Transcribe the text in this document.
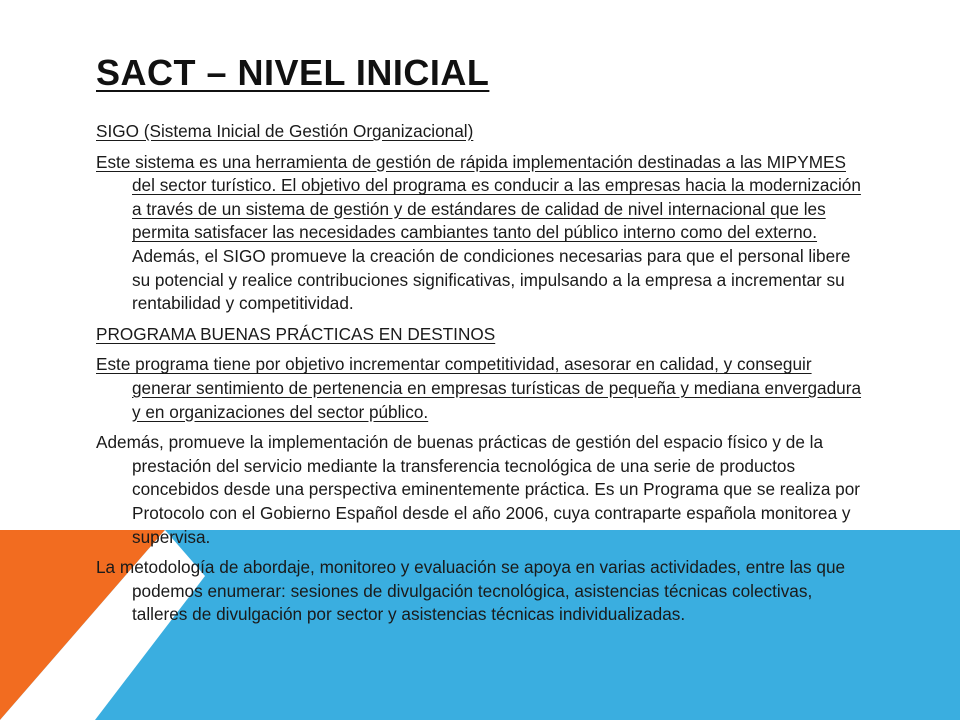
SACT – NIVEL INICIAL

SIGO (Sistema Inicial de Gestión Organizacional)

Este sistema es una herramienta de gestión de rápida implementación destinadas a las MIPYMES del sector turístico. El objetivo del programa es conducir a las empresas hacia la modernización a través de un sistema de gestión y de estándares de calidad de nivel internacional que les permita satisfacer las necesidades cambiantes tanto del público interno como del externo. Además, el SIGO promueve la creación de condiciones necesarias para que el personal libere su potencial y realice contribuciones significativas, impulsando a la empresa a incrementar su rentabilidad y competitividad.

PROGRAMA BUENAS PRÁCTICAS EN DESTINOS

Este programa tiene por objetivo incrementar competitividad, asesorar en calidad, y conseguir generar sentimiento de pertenencia en empresas turísticas de pequeña y mediana envergadura y en organizaciones del sector público.

Además, promueve la implementación de buenas prácticas de gestión del espacio físico y de la prestación del servicio mediante la transferencia tecnológica de una serie de productos concebidos desde una perspectiva eminentemente práctica. Es un Programa que se realiza por Protocolo con el Gobierno Español desde el año 2006, cuya contraparte española monitorea y supervisa.

La metodología de abordaje, monitoreo y evaluación se apoya en varias actividades, entre las que podemos enumerar: sesiones de divulgación tecnológica, asistencias técnicas colectivas, talleres de divulgación por sector y asistencias técnicas individualizadas.
